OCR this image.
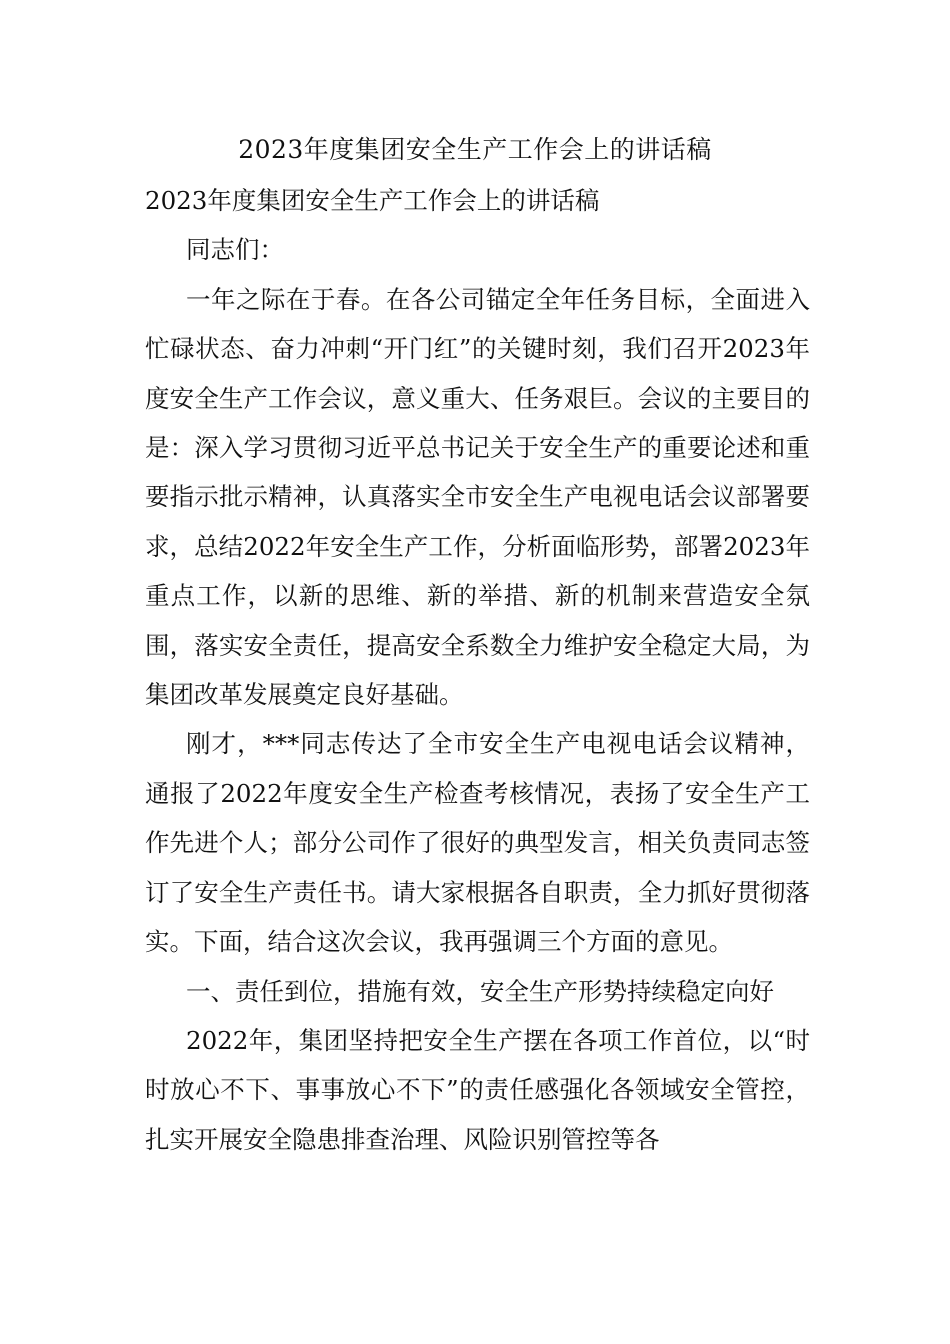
2023年度集团安全生产工作会上的讲话稿

2023年度集团安全生产工作会上的讲话稿

同志们：

一年之际在于春。在各公司锚定全年任务目标，全面进入忙碌状态、奋力冲刺“开门红”的关键时刻，我们召开2023年度安全生产工作会议，意义重大、任务艰巨。会议的主要目的是：深入学习贯彻习近平总书记关于安全生产的重要论述和重要指示批示精神，认真落实全市安全生产电视电话会议部署要求，总结2022年安全生产工作，分析面临形势，部署2023年重点工作，以新的思维、新的举措、新的机制来营造安全氛围，落实安全责任，提高安全系数全力维护安全稳定大局，为集团改革发展奠定良好基础。

刚才，***同志传达了全市安全生产电视电话会议精神，通报了2022年度安全生产检查考核情况，表扬了安全生产工作先进个人；部分公司作了很好的典型发言，相关负责同志签订了安全生产责任书。请大家根据各自职责，全力抓好贯彻落实。下面，结合这次会议，我再强调三个方面的意见。

一、责任到位，措施有效，安全生产形势持续稳定向好

2022年，集团坚持把安全生产摆在各项工作首位，以“时时放心不下、事事放心不下”的责任感强化各领域安全管控，扎实开展安全隐患排查治理、风险识别管控等各
